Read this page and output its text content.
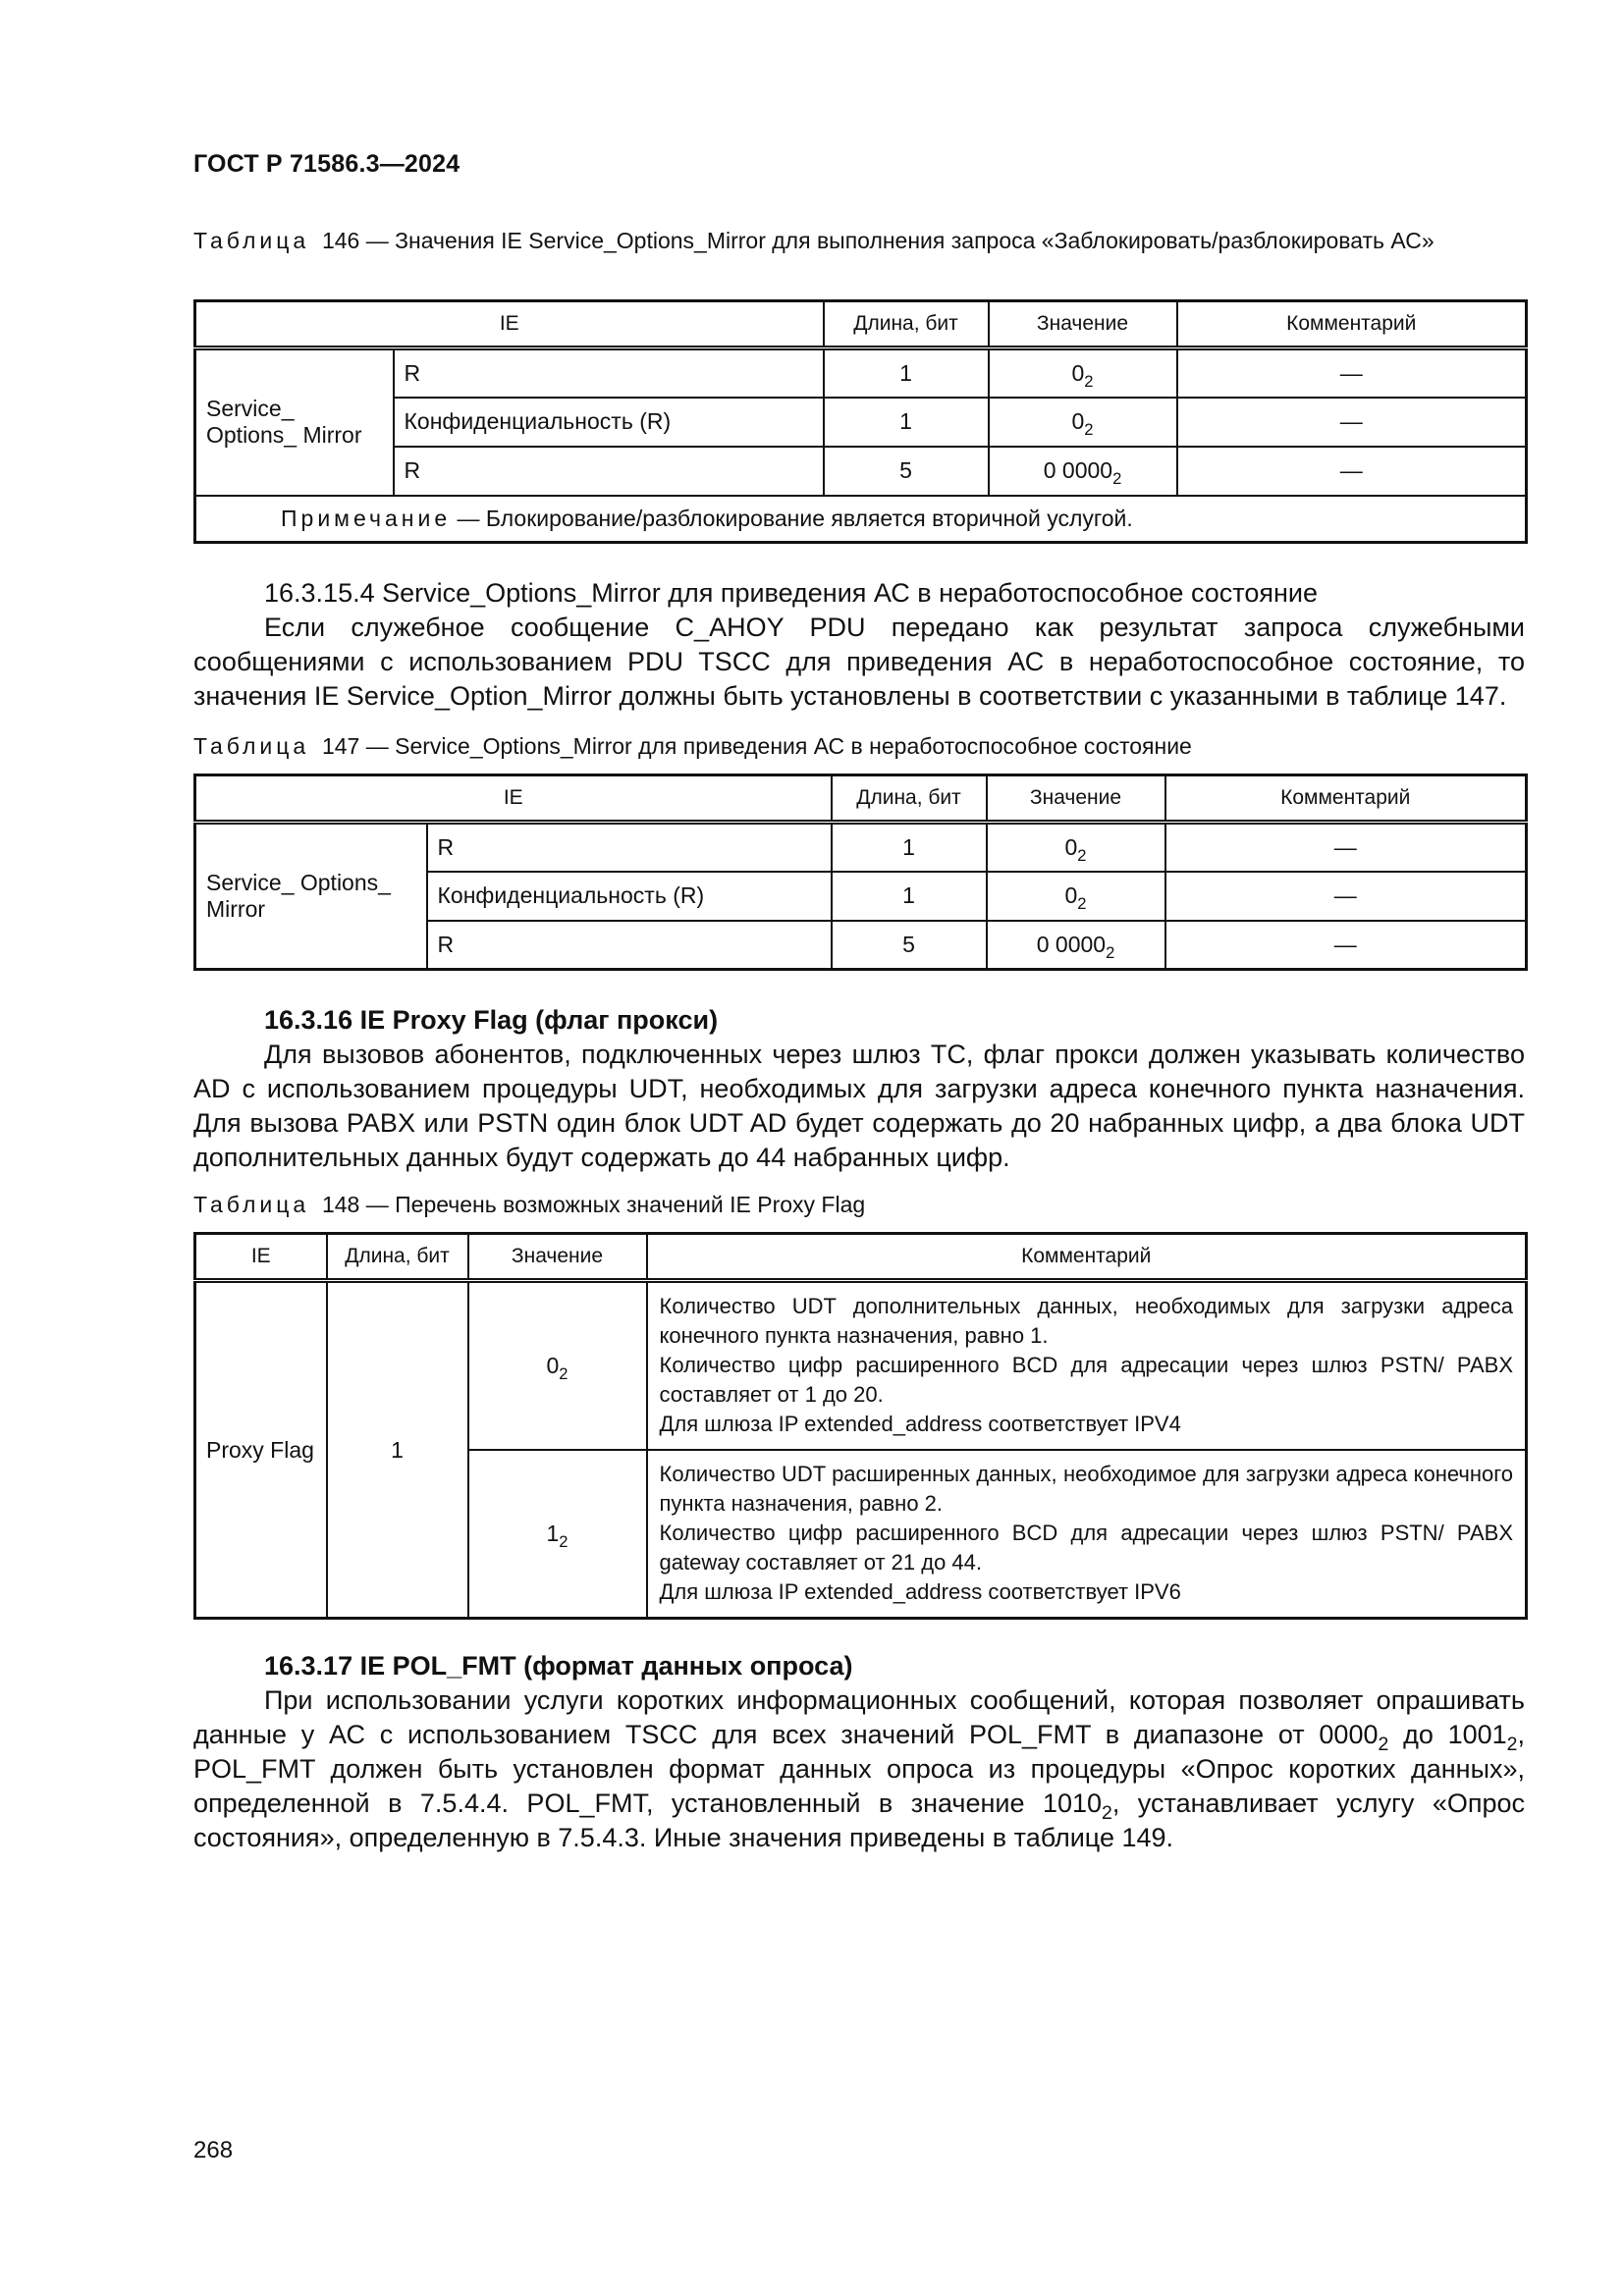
ГОСТ Р 71586.3—2024
Таблица 146 — Значения IE Service_Options_Mirror для выполнения запроса «Заблокировать/разблокировать АС»
IE		Длина, бит	Значение	Комментарий
Service_ Options_ Mirror	R	1	$0_2$	—
	Конфиденциальность (R)	1	$0_2$	—
	R	5	0 $0000_2$	—
Примечание — Блокирование/разблокирование является вторичной услугой.				

16.3.15.4 Service_Options_Mirror для приведения АС в неработоспособное состояние

Если служебное сообщение C_AHOY PDU передано как результат запроса служебными сообщениями с использованием PDU TSCC для приведения АС в неработоспособное состояние, то значения IE Service_Option_Mirror должны быть установлены в соответствии с указанными в таблице 147.

Таблица 147 — Service_Options_Mirror для приведения АС в неработоспособное состояние
IE		Длина, бит	Значение	Комментарий
Service_ Options_ Mirror	R	1	$0_2$	—
	Конфиденциальность (R)	1	$0_2$	—
	R	5	0 $0000_2$	—

16.3.16 IE Proxy Flag (флаг прокси)

Для вызовов абонентов, подключенных через шлюз ТС, флаг прокси должен указывать количество AD с использованием процедуры UDT, необходимых для загрузки адреса конечного пункта назначения. Для вызова PABX или PSTN один блок UDT AD будет содержать до 20 набранных цифр, а два блока UDT дополнительных данных будут содержать до 44 набранных цифр.

Таблица 148 — Перечень возможных значений IE Proxy Flag
IE	Длина, бит	Значение	Комментарий
Proxy Flag	1	$0_2$	Количество UDT дополнительных данных, необходимых для загрузки адреса конечного пункта назначения, равно 1.
Количество цифр расширенного BCD для адресации через шлюз PSTN/ PABX составляет от 1 до 20.
Для шлюза IP extended_address соответствует IPV4

		$1_2$	Количество UDT расширенных данных, необходимое для загрузки адреса конечного пункта назначения, равно 2.
Количество цифр расширенного BCD для адресации через шлюз PSTN/ PABX gateway составляет от 21 до 44.
Для шлюза IP extended_address соответствует IPV6

16.3.17 IE POL_FMT (формат данных опроса)

При использовании услуги коротких информационных сообщений, которая позволяет опрашивать данные у АС с использованием TSCC для всех значений POL_FMT в диапазоне от $0000_2$ до $1001_2$, POL_FMT должен быть установлен формат данных опроса из процедуры «Опрос коротких данных», определенной в 7.5.4.4. POL_FMT, установленный в значение $1010_2$, устанавливает услугу «Опрос состояния», определенную в 7.5.4.3. Иные значения приведены в таблице 149.

268
